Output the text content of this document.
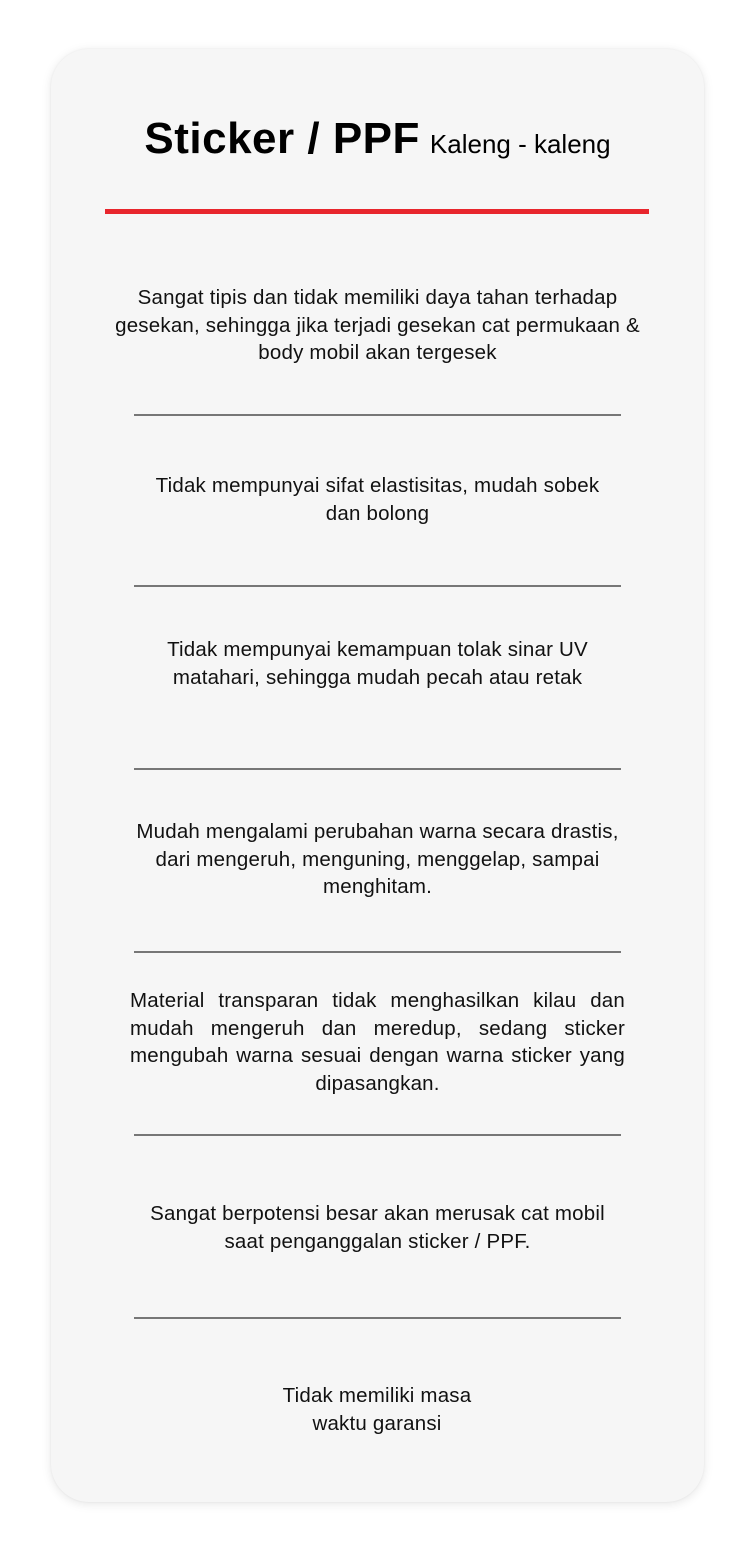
Sticker / PPF Kaleng - kaleng
Sangat tipis dan tidak memiliki daya tahan terhadap gesekan, sehingga jika terjadi gesekan cat permukaan & body mobil akan tergesek
Tidak mempunyai sifat elastisitas, mudah sobek dan bolong
Tidak mempunyai kemampuan tolak sinar UV matahari, sehingga mudah pecah atau retak
Mudah mengalami perubahan warna secara drastis, dari mengeruh, menguning, menggelap, sampai menghitam.
Material transparan tidak menghasilkan kilau dan mudah mengeruh dan meredup, sedang sticker mengubah warna sesuai dengan warna sticker yang dipasangkan.
Sangat berpotensi besar akan merusak cat mobil saat penganggalan sticker / PPF.
Tidak memiliki masa waktu garansi
